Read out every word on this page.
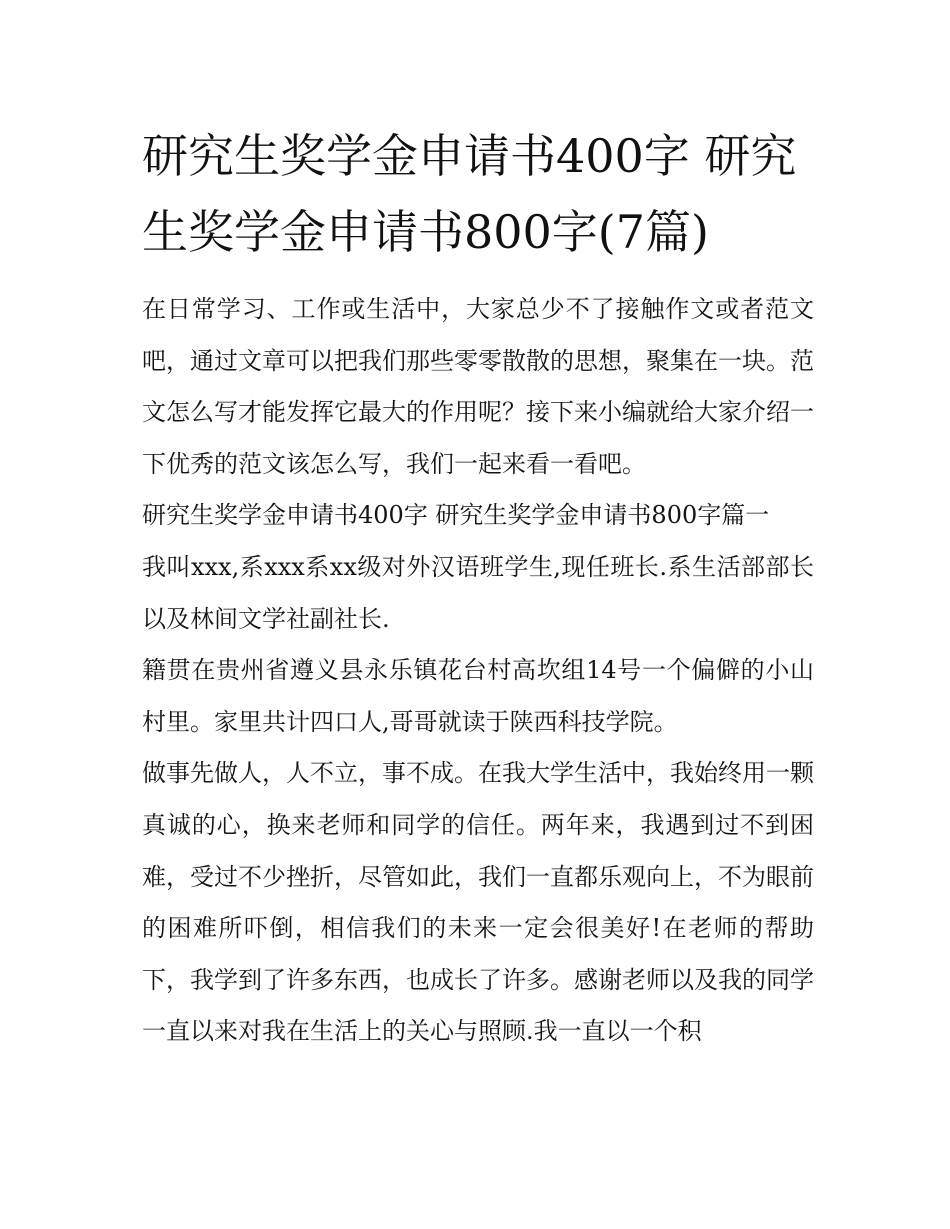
研究生奖学金申请书400字 研究生奖学金申请书800字(7篇)

在日常学习、工作或生活中，大家总少不了接触作文或者范文吧，通过文章可以把我们那些零零散散的思想，聚集在一块。范文怎么写才能发挥它最大的作用呢？接下来小编就给大家介绍一下优秀的范文该怎么写，我们一起来看一看吧。

研究生奖学金申请书400字 研究生奖学金申请书800字篇一

我叫xxx,系xxx系xx级对外汉语班学生,现任班长.系生活部部长以及林间文学社副社长.

籍贯在贵州省遵义县永乐镇花台村高坎组14号一个偏僻的小山村里。家里共计四口人,哥哥就读于陕西科技学院。

做事先做人，人不立，事不成。在我大学生活中，我始终用一颗真诚的心，换来老师和同学的信任。两年来，我遇到过不到困难，受过不少挫折，尽管如此，我们一直都乐观向上，不为眼前的困难所吓倒，相信我们的未来一定会很美好!在老师的帮助下，我学到了许多东西，也成长了许多。感谢老师以及我的同学一直以来对我在生活上的关心与照顾.我一直以一个积
